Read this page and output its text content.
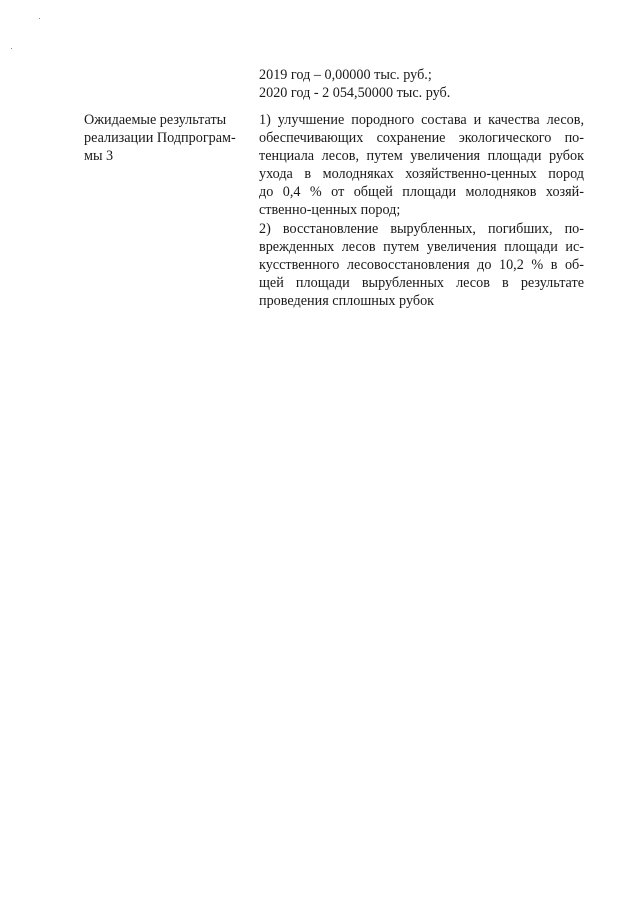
2019 год – 0,00000 тыс. руб.;
2020 год - 2 054,50000 тыс. руб.
Ожидаемые результаты
реализации Подпрограм-
мы 3
1) улучшение породного состава и качества лесов,
обеспечивающих сохранение экологического по-
тенциала лесов, путем увеличения площади рубок
ухода в молодняках хозяйственно-ценных пород
до 0,4 % от общей площади молодняков хозяй-
ственно-ценных пород;
2) восстановление вырубленных, погибших, по-
врежденных лесов путем увеличения площади ис-
кусственного лесовосстановления до 10,2 % в об-
щей площади вырубленных лесов в результате
проведения сплошных рубок
